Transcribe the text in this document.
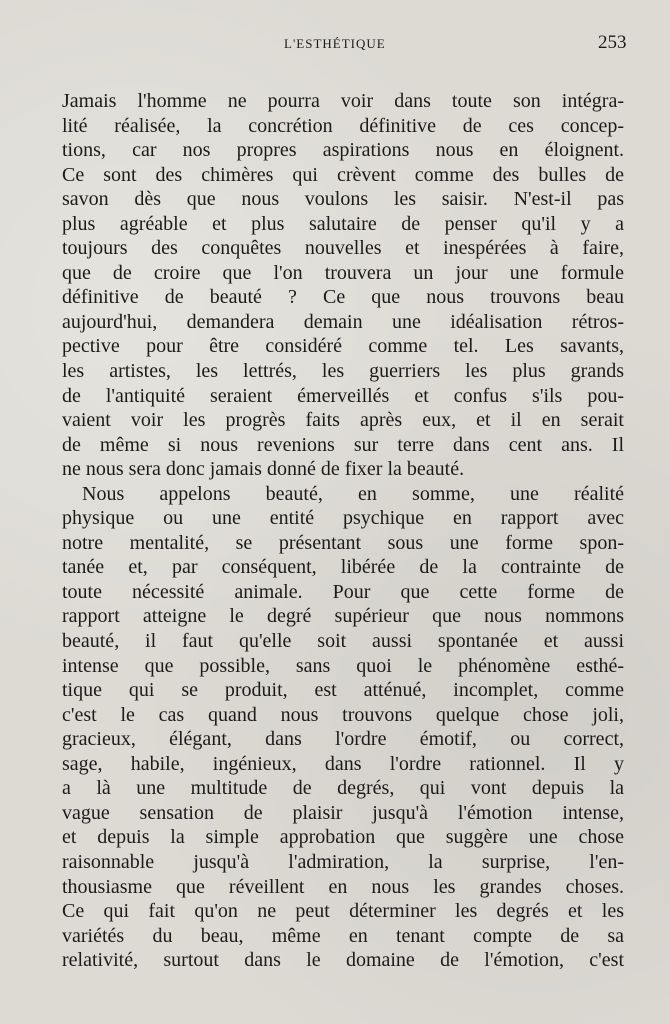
L'ESTHÉTIQUE	253
Jamais l'homme ne pourra voir dans toute son intégra-
lité réalisée, la concrétion définitive de ces concep-
tions, car nos propres aspirations nous en éloignent.
Ce sont des chimères qui crèvent comme des bulles de
savon dès que nous voulons les saisir. N'est-il pas
plus agréable et plus salutaire de penser qu'il y a
toujours des conquêtes nouvelles et inespérées à faire,
que de croire que l'on trouvera un jour une formule
définitive de beauté ? Ce que nous trouvons beau
aujourd'hui, demandera demain une idéalisation rétros-
pective pour être considéré comme tel. Les savants,
les artistes, les lettrés, les guerriers les plus grands
de l'antiquité seraient émerveillés et confus s'ils pou-
vaient voir les progrès faits après eux, et il en serait
de même si nous revenions sur terre dans cent ans. Il
ne nous sera donc jamais donné de fixer la beauté.
Nous appelons beauté, en somme, une réalité
physique ou une entité psychique en rapport avec
notre mentalité, se présentant sous une forme spon-
tanée et, par conséquent, libérée de la contrainte de
toute nécessité animale. Pour que cette forme de
rapport atteigne le degré supérieur que nous nommons
beauté, il faut qu'elle soit aussi spontanée et aussi
intense que possible, sans quoi le phénomène esthé-
tique qui se produit, est atténué, incomplet, comme
c'est le cas quand nous trouvons quelque chose joli,
gracieux, élégant, dans l'ordre émotif, ou correct,
sage, habile, ingénieux, dans l'ordre rationnel. Il y
a là une multitude de degrés, qui vont depuis la
vague sensation de plaisir jusqu'à l'émotion intense,
et depuis la simple approbation que suggère une chose
raisonnable jusqu'à l'admiration, la surprise, l'en-
thousiasme que réveillent en nous les grandes choses.
Ce qui fait qu'on ne peut déterminer les degrés et les
variétés du beau, même en tenant compte de sa
relativité, surtout dans le domaine de l'émotion, c'est
